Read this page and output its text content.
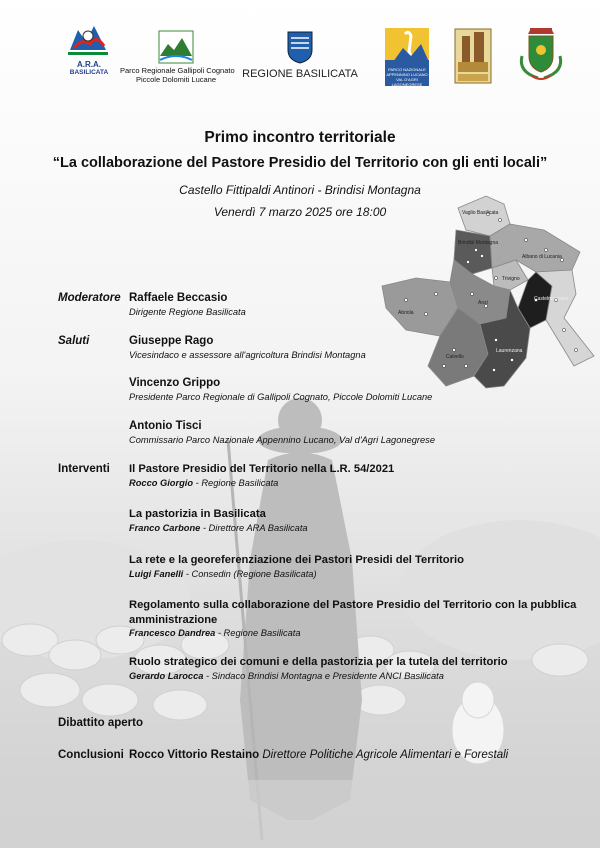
A.R.A.
BASILICATA	Parco Regionale Gallipoli Cognato
Piccole Dolomiti Lucane	REGIONE BASILICATA	PARCO NAZIONALE APPENNINO LUCANO VAL D'AGRI LAGONEGRESE
Primo incontro territoriale
“La collaborazione del Pastore Presidio del Territorio con gli enti locali”
Castello Fittipaldi Antinori - Brindisi Montagna
Venerdì 7 marzo 2025 ore 18:00	Vaglio Basilicata
Brindisi Montagna
Albano di Lucania
Trivigno
Castelmezzano
Anzi
Abriola
Calvello
Laurenzana
Moderatore Raffaele Beccasio
Dirigente Regione Basilicata
Saluti	Giuseppe Rago
Vicesindaco e assessore all'agricoltura Brindisi Montagna
Vincenzo Grippo
Presidente Parco Regionale di Gallipoli Cognato, Piccole Dolomiti Lucane
Antonio Tisci
Commissario Parco Nazionale Appennino Lucano, Val d'Agri Lagonegrese
Interventi Il Pastore Presidio del Territorio nella L.R. 54/2021
Rocco Giorgio - Regione Basilicata
La pastorizia in Basilicata
Franco Carbone - Direttore ARA Basilicata
La rete e la georeferenziazione dei Pastori Presidi del Territorio
Luigi Fanelli - Consedin (Regione Basilicata)
Regolamento sulla collaborazione del Pastore Presidio del Territorio con la pubblica amministrazione
Francesco Dandrea - Regione Basilicata
Ruolo strategico dei comuni e della pastorizia per la tutela del territorio
Gerardo Larocca - Sindaco Brindisi Montagna e Presidente ANCI Basilicata
Dibattito aperto
Conclusioni Rocco Vittorio Restaino Direttore Politiche Agricole Alimentari e Forestali
